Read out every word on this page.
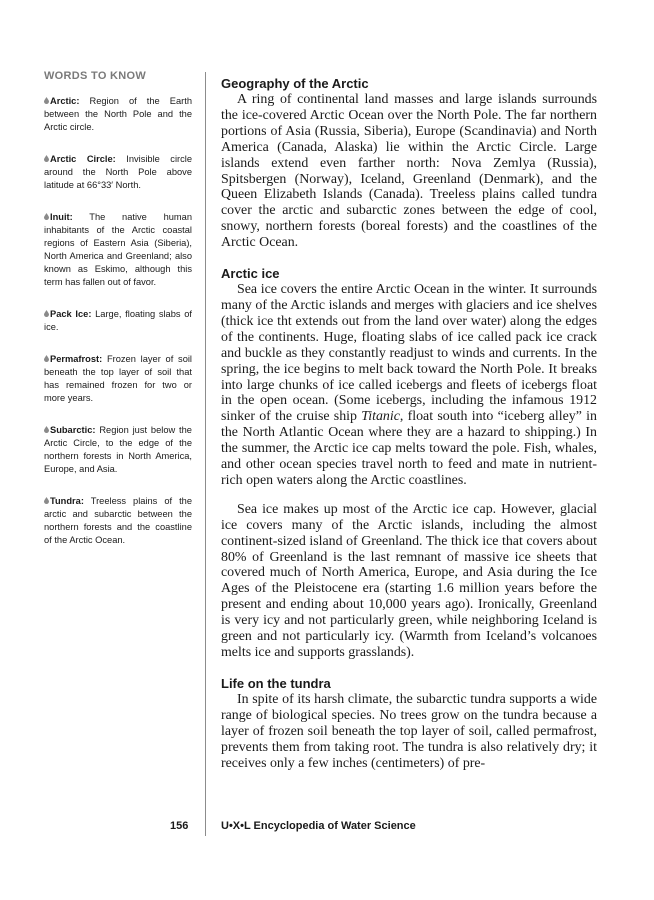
WORDS TO KNOW
Arctic: Region of the Earth between the North Pole and the Arctic circle.
Arctic Circle: Invisible circle around the North Pole above latitude at 66°33′ North.
Inuit: The native human inhabitants of the Arctic coastal regions of Eastern Asia (Siberia), North America and Greenland; also known as Eskimo, although this term has fallen out of favor.
Pack Ice: Large, floating slabs of ice.
Permafrost: Frozen layer of soil beneath the top layer of soil that has remained frozen for two or more years.
Subarctic: Region just below the Arctic Circle, to the edge of the northern forests in North America, Europe, and Asia.
Tundra: Treeless plains of the arctic and subarctic between the northern forests and the coastline of the Arctic Ocean.
Geography of the Arctic

A ring of continental land masses and large islands surrounds the ice-covered Arctic Ocean over the North Pole. The far northern portions of Asia (Russia, Siberia), Europe (Scandinavia) and North America (Canada, Alaska) lie within the Arctic Circle. Large islands extend even farther north: Nova Zemlya (Russia), Spitsbergen (Norway), Iceland, Greenland (Denmark), and the Queen Elizabeth Islands (Canada). Treeless plains called tundra cover the arctic and subarctic zones between the edge of cool, snowy, northern forests (boreal forests) and the coastlines of the Arctic Ocean.

Arctic ice

Sea ice covers the entire Arctic Ocean in the winter. It surrounds many of the Arctic islands and merges with glaciers and ice shelves (thick ice tht extends out from the land over water) along the edges of the continents. Huge, floating slabs of ice called pack ice crack and buckle as they constantly readjust to winds and currents. In the spring, the ice begins to melt back toward the North Pole. It breaks into large chunks of ice called icebergs and fleets of icebergs float in the open ocean. (Some icebergs, including the infamous 1912 sinker of the cruise ship Titanic, float south into “iceberg alley” in the North Atlantic Ocean where they are a hazard to shipping.) In the summer, the Arctic ice cap melts toward the pole. Fish, whales, and other ocean species travel north to feed and mate in nutrient-rich open waters along the Arctic coastlines.

Sea ice makes up most of the Arctic ice cap. However, glacial ice covers many of the Arctic islands, including the almost continent-sized island of Greenland. The thick ice that covers about 80% of Greenland is the last remnant of massive ice sheets that covered much of North America, Europe, and Asia during the Ice Ages of the Pleistocene era (starting 1.6 million years before the present and ending about 10,000 years ago). Ironically, Greenland is very icy and not particularly green, while neighboring Iceland is green and not particularly icy. (Warmth from Iceland’s volcanoes melts ice and supports grasslands).

Life on the tundra

In spite of its harsh climate, the subarctic tundra supports a wide range of biological species. No trees grow on the tundra because a layer of frozen soil beneath the top layer of soil, called permafrost, prevents them from taking root. The tundra is also relatively dry; it receives only a few inches (centimeters) of pre-

156	U•X•L Encyclopedia of Water Science
